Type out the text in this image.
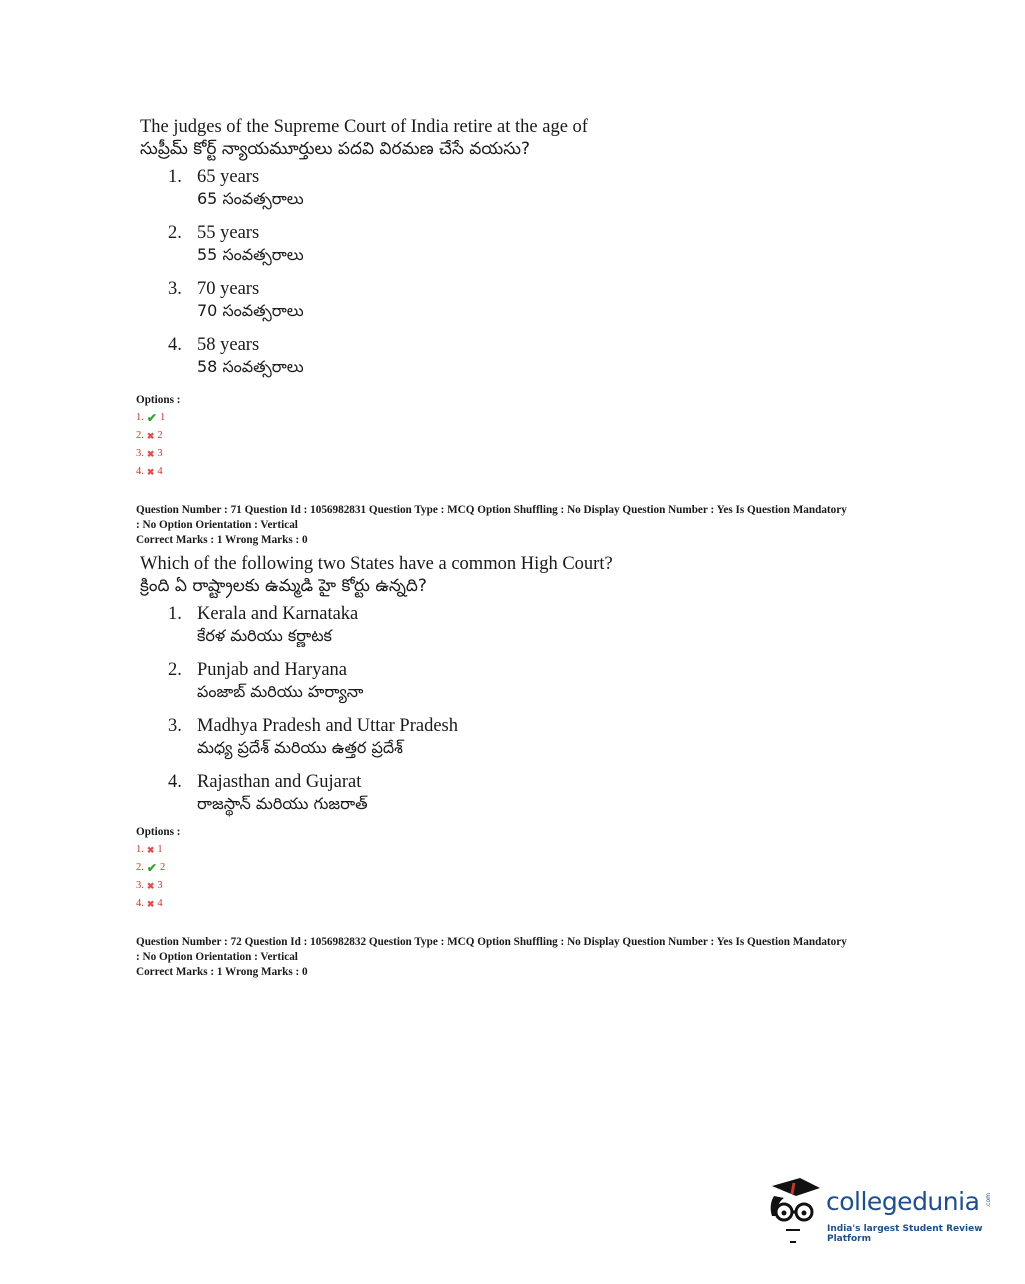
The judges of the Supreme Court of India retire at the age of
సుప్రీమ్ కోర్ట్ న్యాయమూర్తులు పదవి విరమణ చేసే వయసు?
1. 65 years
65 సంవత్సరాలు
2. 55 years
55 సంవత్సరాలు
3. 70 years
70 సంవత్సరాలు
4. 58 years
58 సంవత్సరాలు
Options :
1. ✔ 1
2. ✖ 2
3. ✖ 3
4. ✖ 4
Question Number : 71 Question Id : 1056982831 Question Type : MCQ Option Shuffling : No Display Question Number : Yes Is Question Mandatory
: No Option Orientation : Vertical
Correct Marks : 1 Wrong Marks : 0
Which of the following two States have a common High Court?
క్రింది ఏ రాష్ట్రాలకు ఉమ్మడి హై కోర్టు ఉన్నది?
1. Kerala and Karnataka
కేరళ మరియు కర్ణాటక
2. Punjab and Haryana
పంజాబ్ మరియు హర్యానా
3. Madhya Pradesh and Uttar Pradesh
మధ్య ప్రదేశ్ మరియు ఉత్తర ప్రదేశ్
4. Rajasthan and Gujarat
రాజస్థాన్ మరియు గుజరాత్
Options :
1. ✖ 1
2. ✔ 2
3. ✖ 3
4. ✖ 4
Question Number : 72 Question Id : 1056982832 Question Type : MCQ Option Shuffling : No Display Question Number : Yes Is Question Mandatory
: No Option Orientation : Vertical
Correct Marks : 1 Wrong Marks : 0
collegedunia .com
India's largest Student Review Platform
